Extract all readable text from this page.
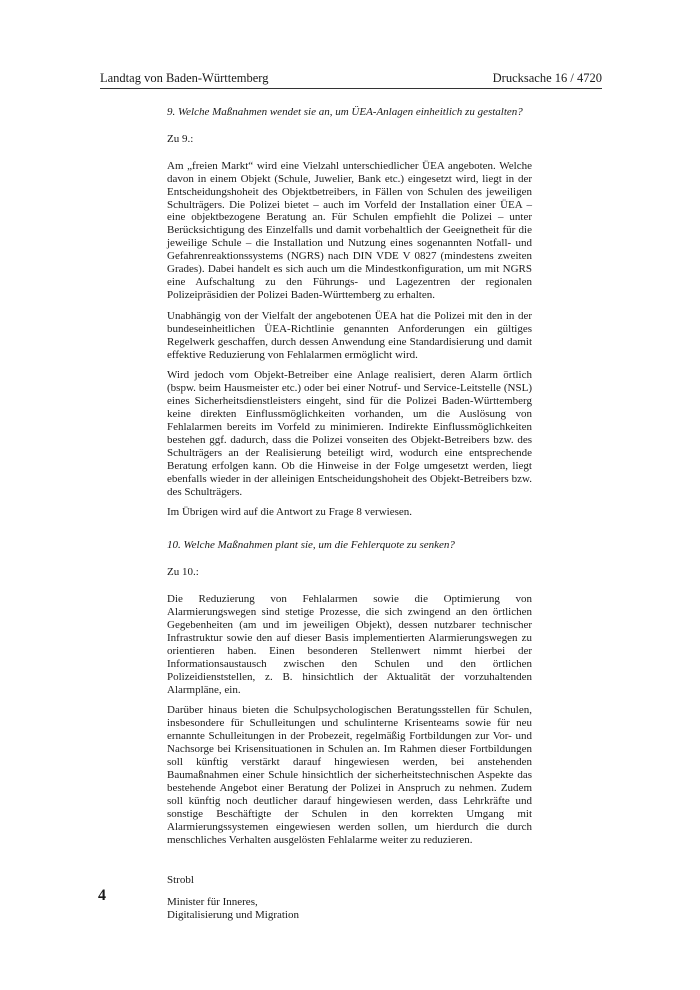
Landtag von Baden-Württemberg	Drucksache 16 / 4720

9. Welche Maßnahmen wendet sie an, um ÜEA-Anlagen einheitlich zu gestalten?

Zu 9.:

Am „freien Markt“ wird eine Vielzahl unterschiedlicher ÜEA angeboten. Welche davon in einem Objekt (Schule, Juwelier, Bank etc.) eingesetzt wird, liegt in der Entscheidungshoheit des Objektbetreibers, in Fällen von Schulen des jeweiligen Schulträgers. Die Polizei bietet – auch im Vorfeld der Installation einer ÜEA – eine objektbezogene Beratung an. Für Schulen empfiehlt die Polizei – unter Berücksichtigung des Einzelfalls und damit vorbehaltlich der Geeignetheit für die jeweilige Schule – die Installation und Nutzung eines sogenannten Notfall- und Gefahrenreaktionssystems (NGRS) nach DIN VDE V 0827 (mindestens zweiten Grades). Dabei handelt es sich auch um die Mindestkonfiguration, um mit NGRS eine Aufschaltung zu den Führungs- und Lagezentren der regionalen Polizeipräsidien der Polizei Baden-Württemberg zu erhalten.

Unabhängig von der Vielfalt der angebotenen ÜEA hat die Polizei mit den in der bundeseinheitlichen ÜEA-Richtlinie genannten Anforderungen ein gültiges Regelwerk geschaffen, durch dessen Anwendung eine Standardisierung und damit effektive Reduzierung von Fehlalarmen ermöglicht wird.

Wird jedoch vom Objekt-Betreiber eine Anlage realisiert, deren Alarm örtlich (bspw. beim Hausmeister etc.) oder bei einer Notruf- und Service-Leitstelle (NSL) eines Sicherheitsdienstleisters eingeht, sind für die Polizei Baden-Württemberg keine direkten Einflussmöglichkeiten vorhanden, um die Auslösung von Fehlalarmen bereits im Vorfeld zu minimieren. Indirekte Einflussmöglichkeiten bestehen ggf. dadurch, dass die Polizei vonseiten des Objekt-Betreibers bzw. des Schulträgers an der Realisierung beteiligt wird, wodurch eine entsprechende Beratung erfolgen kann. Ob die Hinweise in der Folge umgesetzt werden, liegt ebenfalls wieder in der alleinigen Entscheidungshoheit des Objekt-Betreibers bzw. des Schulträgers.

Im Übrigen wird auf die Antwort zu Frage 8 verwiesen.

10. Welche Maßnahmen plant sie, um die Fehlerquote zu senken?

Zu 10.:

Die Reduzierung von Fehlalarmen sowie die Optimierung von Alarmierungswegen sind stetige Prozesse, die sich zwingend an den örtlichen Gegebenheiten (am und im jeweiligen Objekt), dessen nutzbarer technischer Infrastruktur sowie den auf dieser Basis implementierten Alarmierungswegen zu orientieren haben. Einen besonderen Stellenwert nimmt hierbei der Informationsaustausch zwischen den Schulen und den örtlichen Polizeidienststellen, z. B. hinsichtlich der Aktualität der vorzuhaltenden Alarmpläne, ein.

Darüber hinaus bieten die Schulpsychologischen Beratungsstellen für Schulen, insbesondere für Schulleitungen und schulinterne Krisenteams sowie für neu ernannte Schulleitungen in der Probezeit, regelmäßig Fortbildungen zur Vor- und Nachsorge bei Krisensituationen in Schulen an. Im Rahmen dieser Fortbildungen soll künftig verstärkt darauf hingewiesen werden, bei anstehenden Baumaßnahmen einer Schule hinsichtlich der sicherheitstechnischen Aspekte das bestehende Angebot einer Beratung der Polizei in Anspruch zu nehmen. Zudem soll künftig noch deutlicher darauf hingewiesen werden, dass Lehrkräfte und sonstige Beschäftigte der Schulen in den korrekten Umgang mit Alarmierungssystemen eingewiesen werden sollen, um hierdurch die durch menschliches Verhalten ausgelösten Fehlalarme weiter zu reduzieren.

Strobl

Minister für Inneres,

Digitalisierung und Migration

4
